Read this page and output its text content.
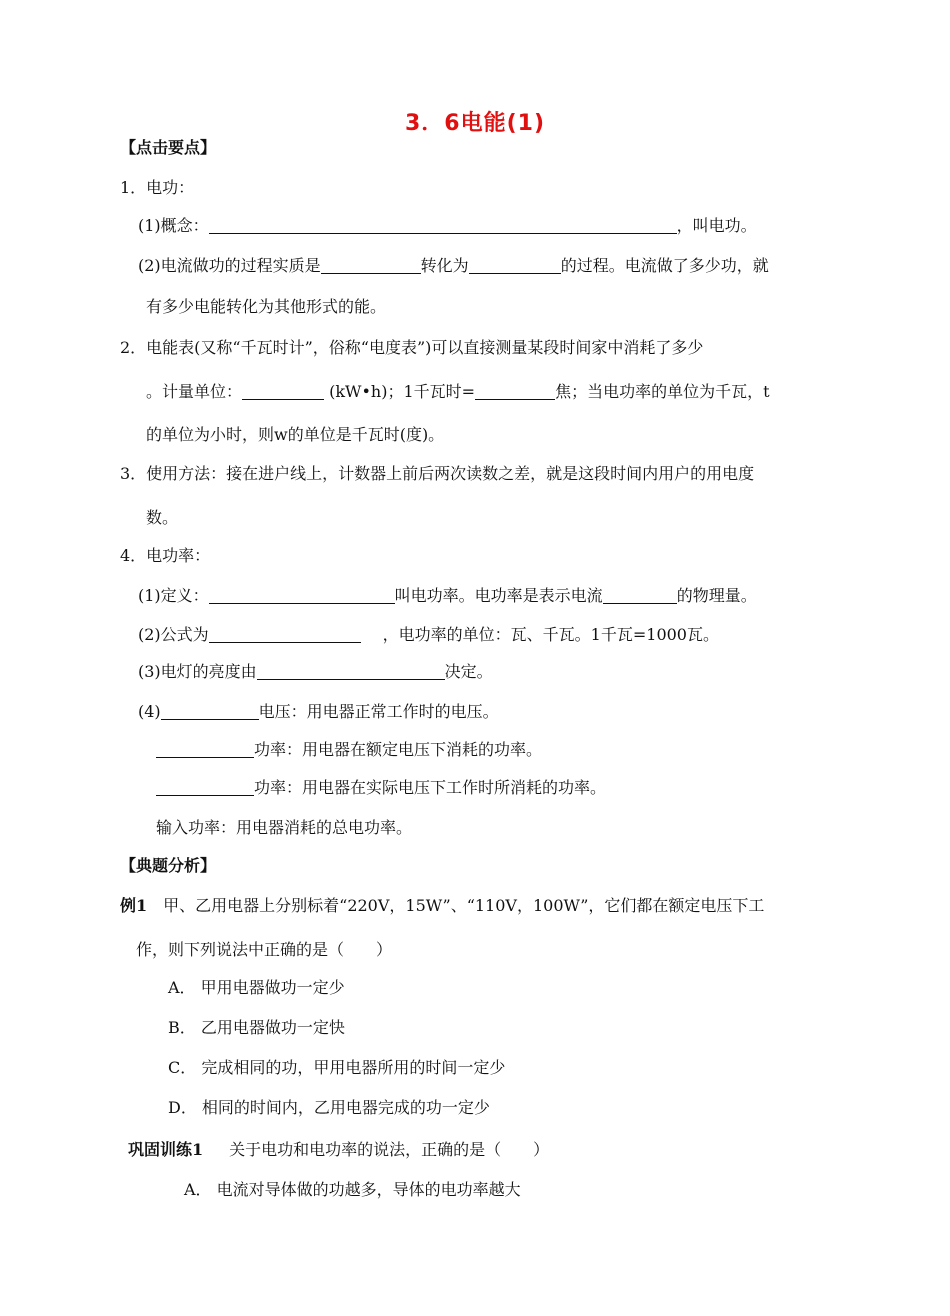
3．6电能(1)
【点击要点】
1．电功：
(1)概念：	，叫电功。
(2)电流做功的过程实质是	转化为	的过程。电流做了多少功，就
有多少电能转化为其他形式的能。
2．电能表(又称“千瓦时计”，俗称“电度表”)可以直接测量某段时间家中消耗了多少
。计量单位：	(kW•h)；1千瓦时=	焦；当电功率的单位为千瓦，t
的单位为小时，则w的单位是千瓦时(度)。
3．使用方法：接在进户线上，计数器上前后两次读数之差，就是这段时间内用户的用电度
数。
4．电功率：
(1)定义：	叫电功率。电功率是表示电流	的物理量。
(2)公式为	，电功率的单位：瓦、千瓦。1千瓦=1000瓦。
(3)电灯的亮度由	决定。
(4)	电压：用电器正常工作时的电压。
功率：用电器在额定电压下消耗的功率。
功率：用电器在实际电压下工作时所消耗的功率。
输入功率：用电器消耗的总电功率。
【典题分析】
例1 甲、乙用电器上分别标着“220V，15W”、“110V，100W”，它们都在额定电压下工
作，则下列说法中正确的是（　　）
A． 甲用电器做功一定少
B． 乙用电器做功一定快
C． 完成相同的功，甲用电器所用的时间一定少
D． 相同的时间内，乙用电器完成的功一定少
巩固训练1 关于电功和电功率的说法，正确的是（　　）
A． 电流对导体做的功越多，导体的电功率越大
